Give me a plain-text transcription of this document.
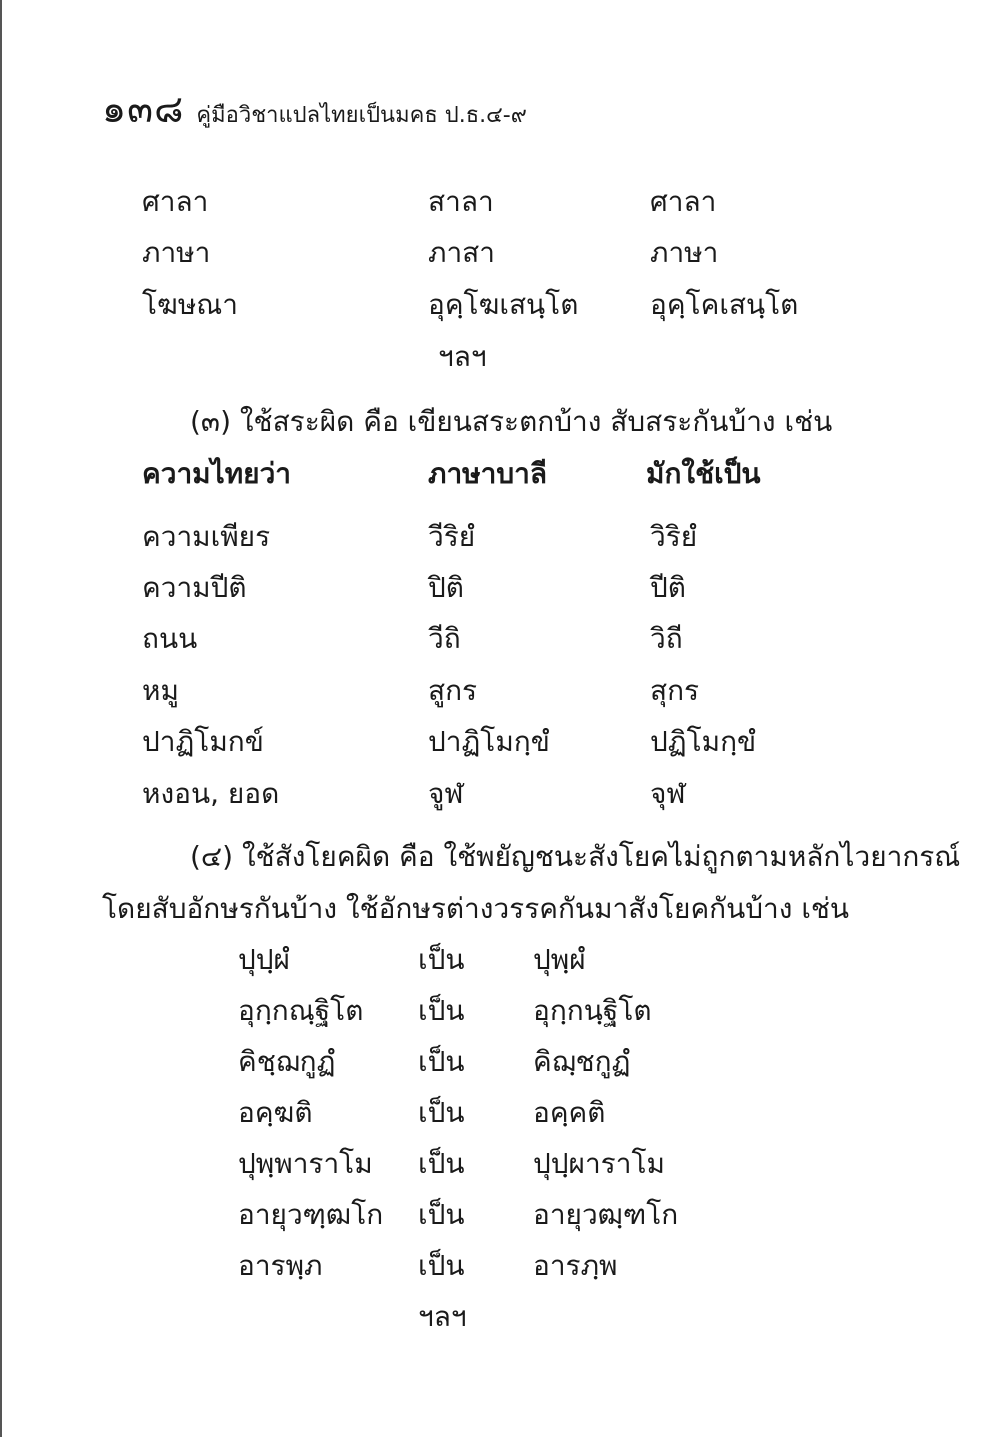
๑๓๘ คู่มือวิชาแปลไทยเป็นมคธ ป.ธ.๔-๙
ศาลา	สาลา	ศาลา
ภาษา	ภาสา	ภาษา
โฆษณา	อุคฺโฆเสนฺโต	อุคฺโคเสนฺโต
ฯลฯ
(๓) ใช้สระผิด คือ เขียนสระตกบ้าง สับสระกันบ้าง เช่น
ความไทยว่า	ภาษาบาลี	มักใช้เป็น
ความเพียร	วีริยํ	วิริยํ
ความปีติ	ปิติ	ปีติ
ถนน	วีถิ	วิถี
หมู	สูกร	สุกร
ปาฏิโมกข์	ปาฏิโมกฺขํ	ปฏิโมกฺขํ
หงอน, ยอด	จูฬ	จุฬ
(๔) ใช้สังโยคผิด คือ ใช้พยัญชนะสังโยคไม่ถูกตามหลักไวยากรณ์
โดยสับอักษรกันบ้าง ใช้อักษรต่างวรรคกันมาสังโยคกันบ้าง เช่น
ปุปฺผํ	เป็น ปุพฺผํ
อุกฺกณฺฐิโต เป็น อุกฺกนฺฐิโต
คิชฺฌกูฏํ	เป็น คิฌฺชกูฏํ
อคฺฆติ	เป็น อคฺคติ
ปุพฺพาราโม เป็น ปุปฺผาราโม
อายุวฑฺฒโก เป็น อายุวฒฺฑโก
อารพฺภ	เป็น อารภฺพ
ฯลฯ
